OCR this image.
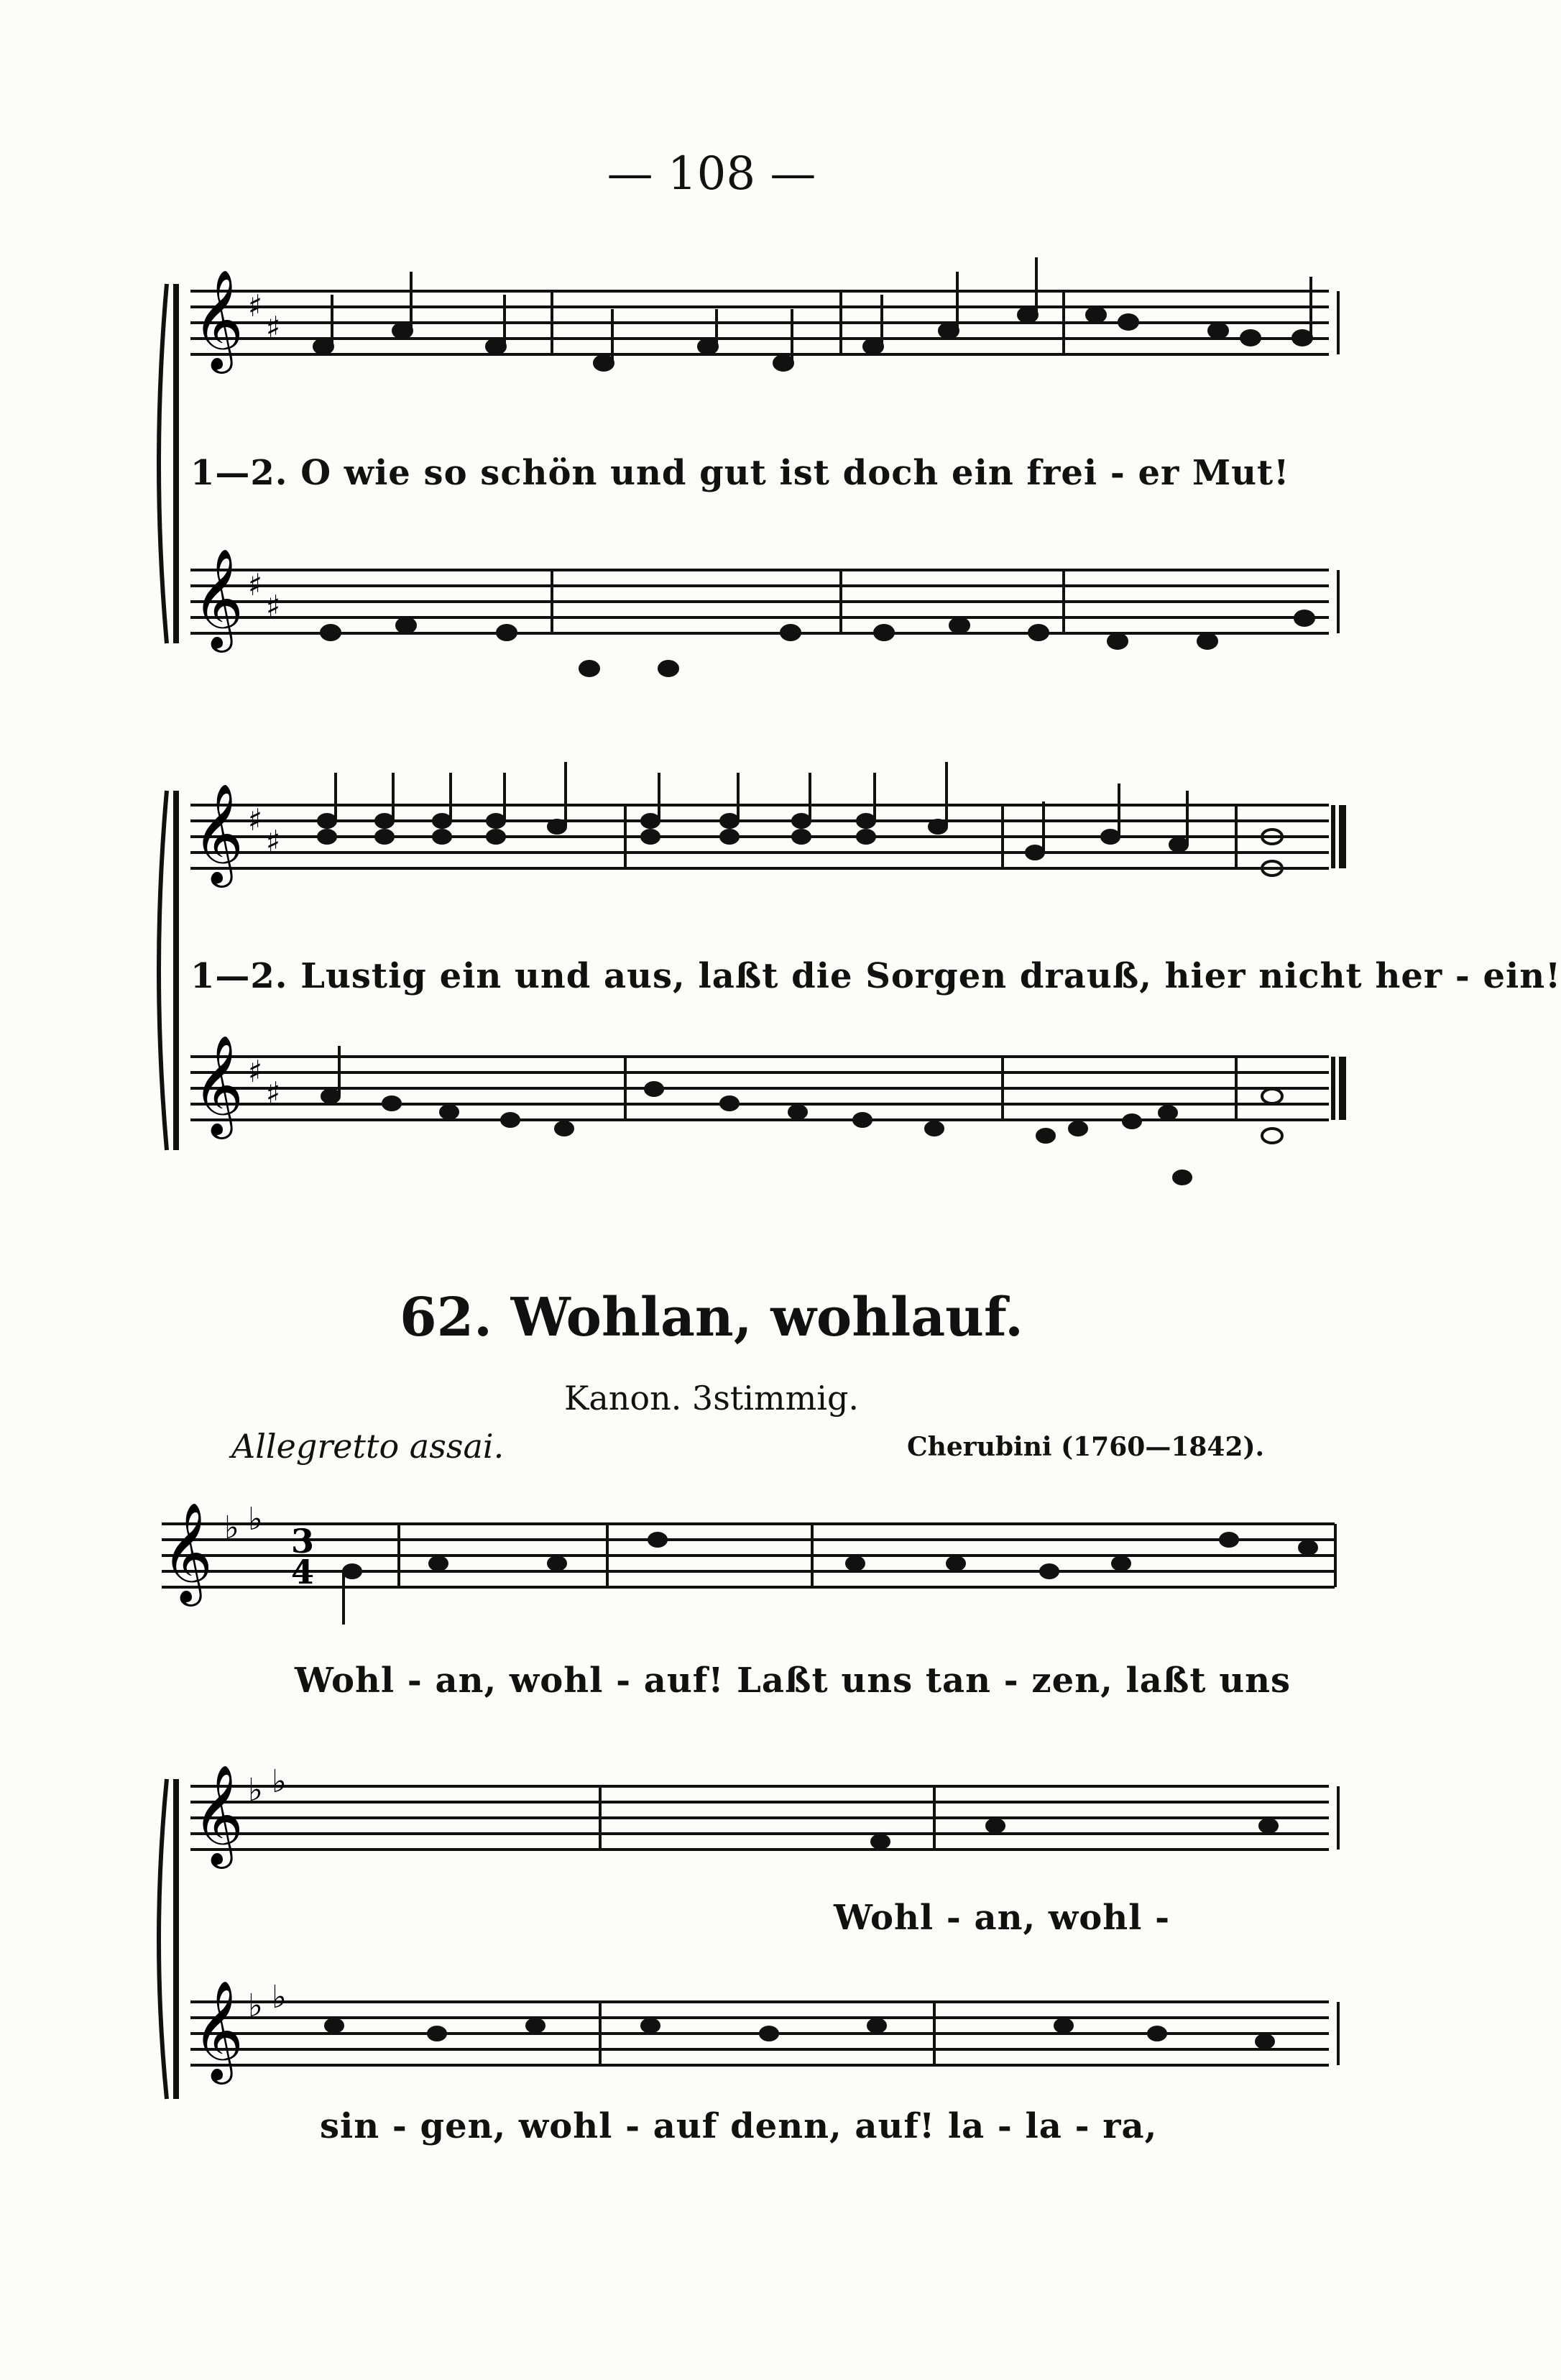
— 108 —
𝄞
𝄞
♯
♯
♯
♯
𝄞
𝄞
♯
♯
♯
♯
𝄞 ♭ ♭
𝄞
𝄞
♭ ♭
♭ ♭
3
4
1—2. O wie so schön und gut ist doch ein frei - er Mut!
1—2. Lustig ein und aus, laßt die Sorgen drauß, hier nicht her - ein!
62. Wohlan, wohlauf.
Kanon. 3stimmig.
Allegretto assai.	Cherubini (1760—1842).
Wohl - an, wohl - auf! Laßt uns tan - zen, laßt uns
Wohl - an, wohl -
sin - gen, wohl - auf denn, auf! la - la - ra,
